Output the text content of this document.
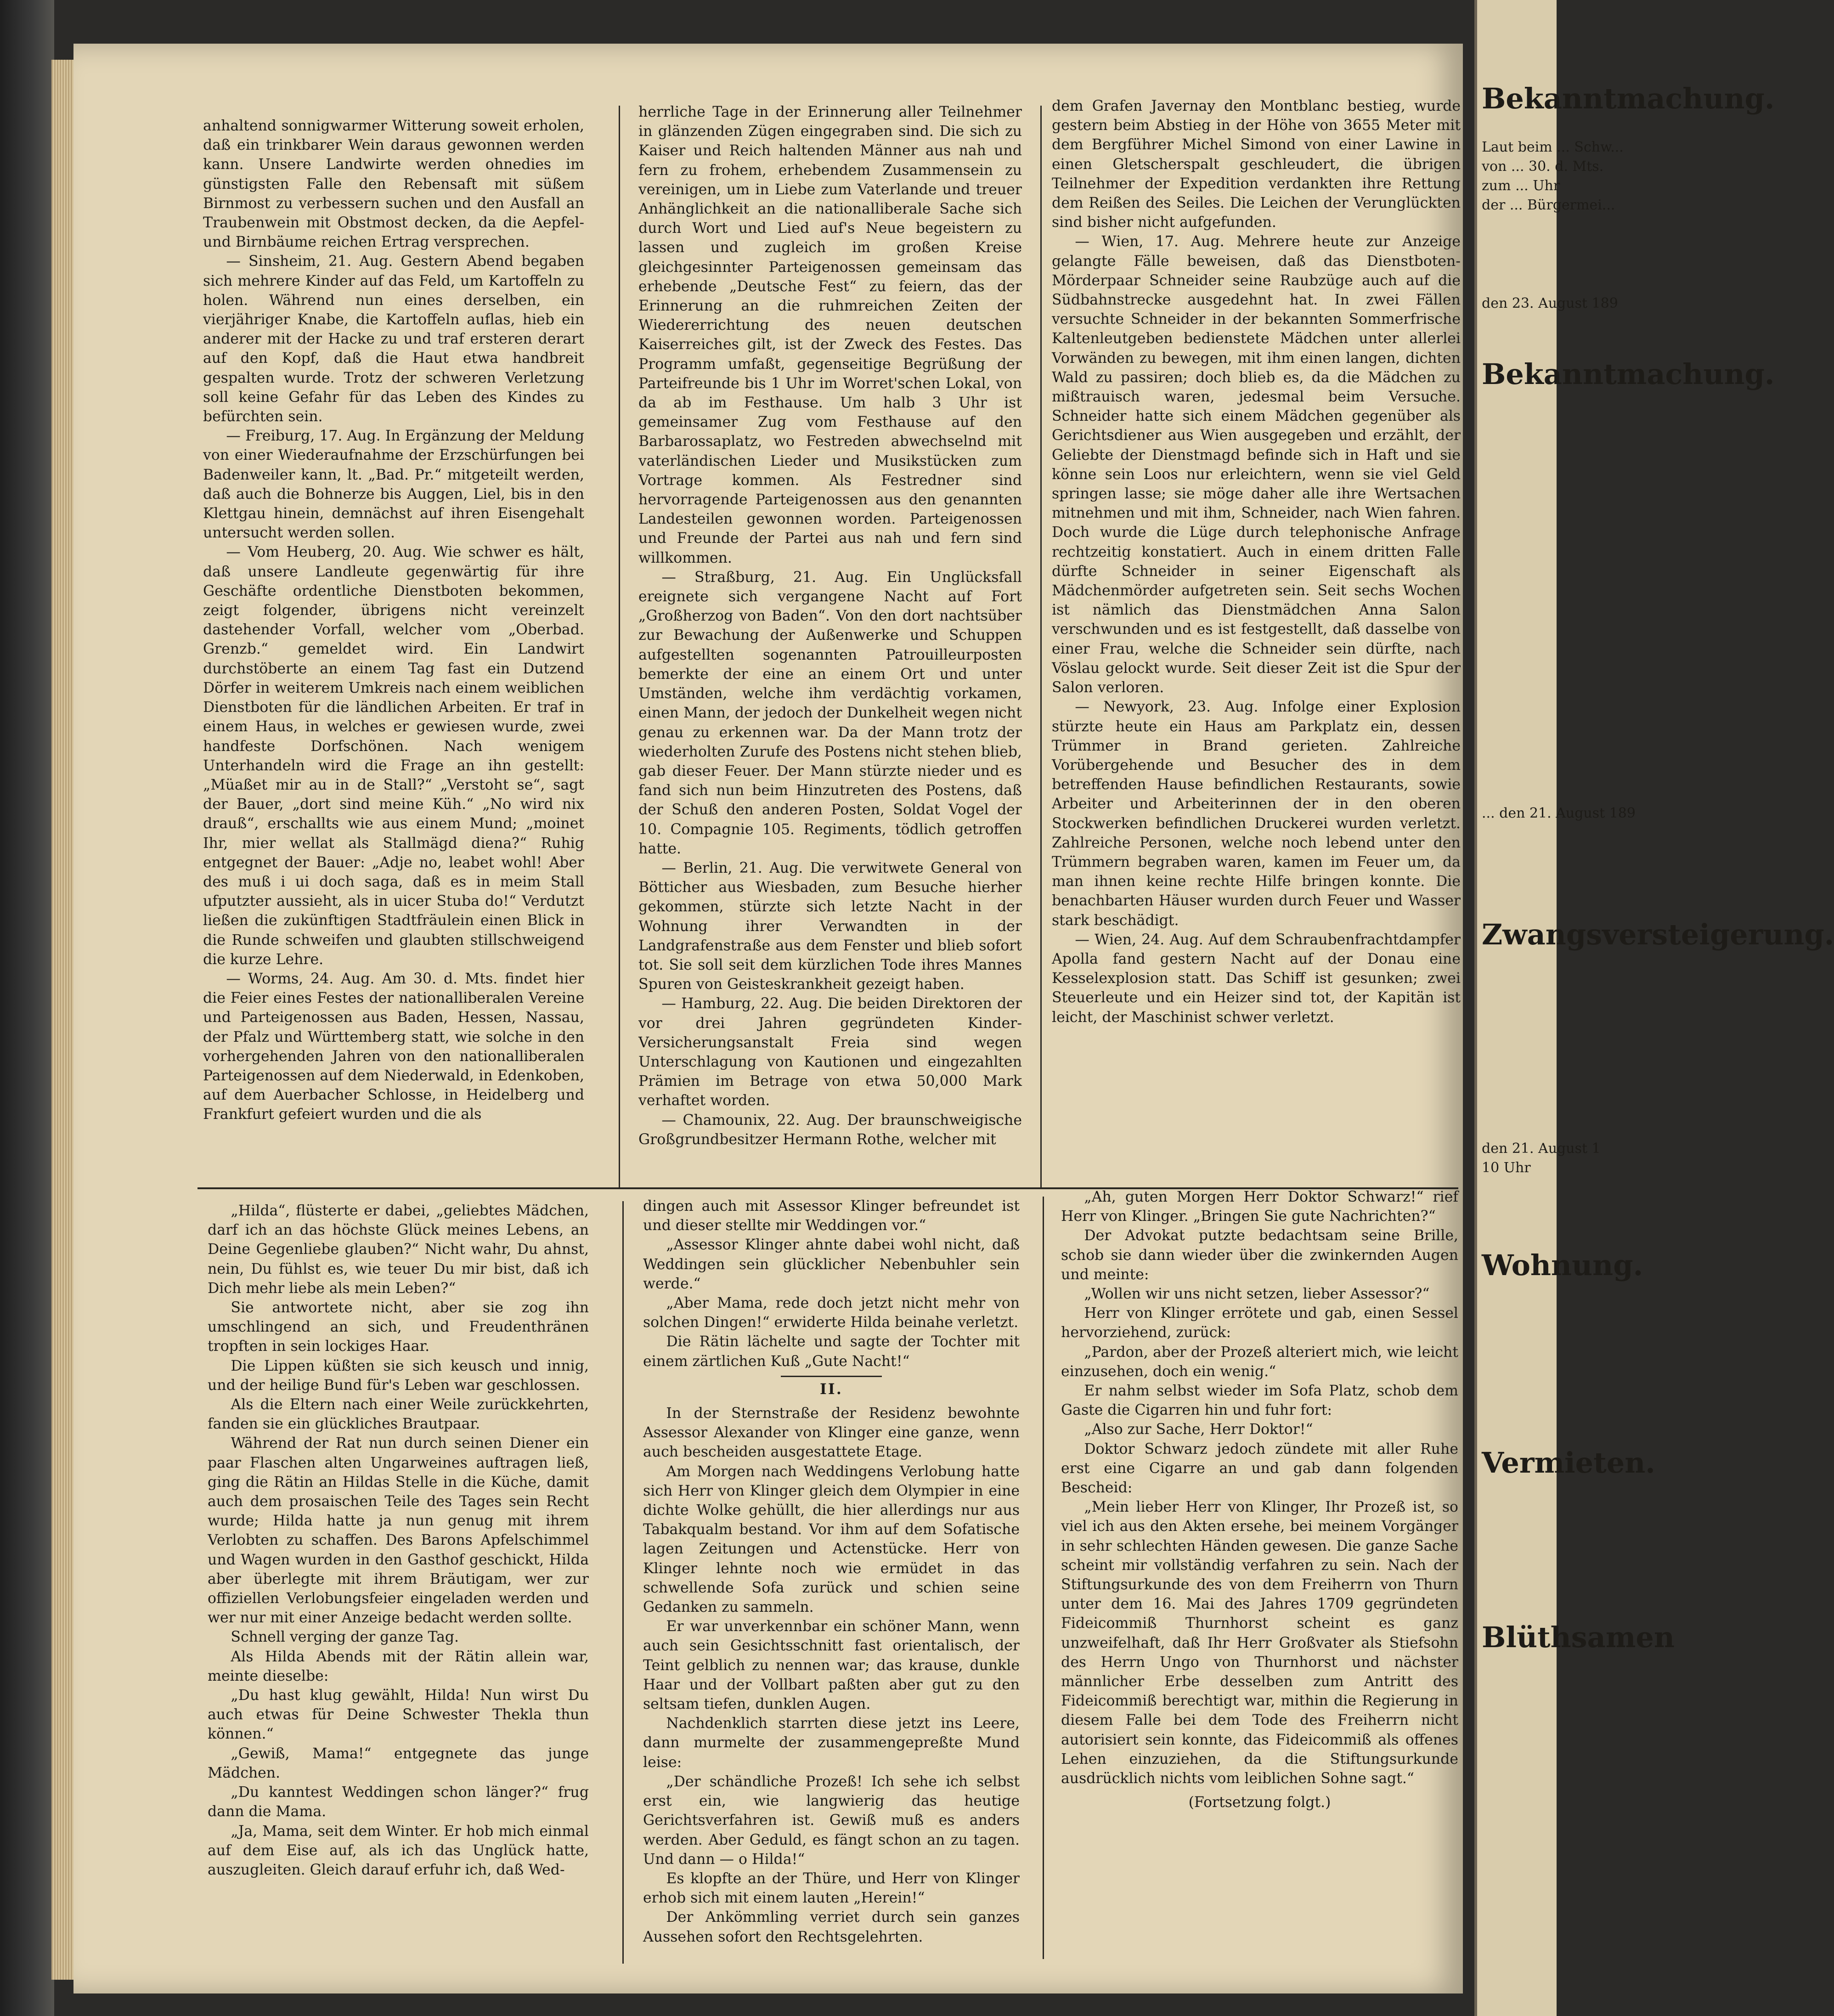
anhaltend sonnigwarmer Witterung soweit erholen, daß ein trinkbarer Wein daraus gewonnen werden kann. Unsere Landwirte werden ohnedies im günstigsten Falle den Rebensaft mit süßem Birnmost zu verbessern suchen und den Ausfall an Traubenwein mit Obstmost decken, da die Aepfel- und Birnbäume reichen Ertrag versprechen.

— Sinsheim, 21. Aug. Gestern Abend begaben sich mehrere Kinder auf das Feld, um Kartoffeln zu holen. Während nun eines derselben, ein vierjähriger Knabe, die Kartoffeln auflas, hieb ein anderer mit der Hacke zu und traf ersteren derart auf den Kopf, daß die Haut etwa handbreit gespalten wurde. Trotz der schweren Verletzung soll keine Gefahr für das Leben des Kindes zu befürchten sein.

— Freiburg, 17. Aug. In Ergänzung der Meldung von einer Wiederaufnahme der Erzschürfungen bei Badenweiler kann, lt. „Bad. Pr.“ mitgeteilt werden, daß auch die Bohnerze bis Auggen, Liel, bis in den Klettgau hinein, demnächst auf ihren Eisengehalt untersucht werden sollen.

— Vom Heuberg, 20. Aug. Wie schwer es hält, daß unsere Landleute gegenwärtig für ihre Geschäfte ordentliche Dienstboten bekommen, zeigt folgender, übrigens nicht vereinzelt dastehender Vorfall, welcher vom „Oberbad. Grenzb.“ gemeldet wird. Ein Landwirt durchstöberte an einem Tag fast ein Dutzend Dörfer in weiterem Umkreis nach einem weiblichen Dienstboten für die ländlichen Arbeiten. Er traf in einem Haus, in welches er gewiesen wurde, zwei handfeste Dorfschönen. Nach wenigem Unterhandeln wird die Frage an ihn gestellt: „Müaßet mir au in de Stall?“ „Verstoht se“, sagt der Bauer, „dort sind meine Küh.“ „No wird nix drauß“, erschallts wie aus einem Mund; „moinet Ihr, mier wellat als Stallmägd diena?“ Ruhig entgegnet der Bauer: „Adje no, leabet wohl! Aber des muß i ui doch saga, daß es in meim Stall ufputzter aussieht, als in uicer Stuba do!“ Verdutzt ließen die zukünftigen Stadtfräulein einen Blick in die Runde schweifen und glaubten stillschweigend die kurze Lehre.

— Worms, 24. Aug. Am 30. d. Mts. findet hier die Feier eines Festes der nationalliberalen Vereine und Parteigenossen aus Baden, Hessen, Nassau, der Pfalz und Württemberg statt, wie solche in den vorhergehenden Jahren von den nationalliberalen Parteigenossen auf dem Niederwald, in Edenkoben, auf dem Auerbacher Schlosse, in Heidelberg und Frankfurt gefeiert wurden und die als

herrliche Tage in der Erinnerung aller Teilnehmer in glänzenden Zügen eingegraben sind. Die sich zu Kaiser und Reich haltenden Männer aus nah und fern zu frohem, erhebendem Zusammensein zu vereinigen, um in Liebe zum Vaterlande und treuer Anhänglichkeit an die nationalliberale Sache sich durch Wort und Lied auf's Neue begeistern zu lassen und zugleich im großen Kreise gleichgesinnter Parteigenossen gemeinsam das erhebende „Deutsche Fest“ zu feiern, das der Erinnerung an die ruhmreichen Zeiten der Wiedererrichtung des neuen deutschen Kaiserreiches gilt, ist der Zweck des Festes. Das Programm umfaßt, gegenseitige Begrüßung der Parteifreunde bis 1 Uhr im Worret'schen Lokal, von da ab im Festhause. Um halb 3 Uhr ist gemeinsamer Zug vom Festhause auf den Barbarossaplatz, wo Festreden abwechselnd mit vaterländischen Lieder und Musikstücken zum Vortrage kommen. Als Festredner sind hervorragende Parteigenossen aus den genannten Landesteilen gewonnen worden. Parteigenossen und Freunde der Partei aus nah und fern sind willkommen.

— Straßburg, 21. Aug. Ein Unglücksfall ereignete sich vergangene Nacht auf Fort „Großherzog von Baden“. Von den dort nachtsüber zur Bewachung der Außenwerke und Schuppen aufgestellten sogenannten Patrouilleurposten bemerkte der eine an einem Ort und unter Umständen, welche ihm verdächtig vorkamen, einen Mann, der jedoch der Dunkelheit wegen nicht genau zu erkennen war. Da der Mann trotz der wiederholten Zurufe des Postens nicht stehen blieb, gab dieser Feuer. Der Mann stürzte nieder und es fand sich nun beim Hinzutreten des Postens, daß der Schuß den anderen Posten, Soldat Vogel der 10. Compagnie 105. Regiments, tödlich getroffen hatte.

— Berlin, 21. Aug. Die verwitwete General von Bötticher aus Wiesbaden, zum Besuche hierher gekommen, stürzte sich letzte Nacht in der Wohnung ihrer Verwandten in der Landgrafenstraße aus dem Fenster und blieb sofort tot. Sie soll seit dem kürzlichen Tode ihres Mannes Spuren von Geisteskrankheit gezeigt haben.

— Hamburg, 22. Aug. Die beiden Direktoren der vor drei Jahren gegründeten Kinder-Versicherungsanstalt Freia sind wegen Unterschlagung von Kautionen und eingezahlten Prämien im Betrage von etwa 50,000 Mark verhaftet worden.

— Chamounix, 22. Aug. Der braunschweigische Großgrundbesitzer Hermann Rothe, welcher mit

dem Grafen Javernay den Montblanc bestieg, wurde gestern beim Abstieg in der Höhe von 3655 Meter mit dem Bergführer Michel Simond von einer Lawine in einen Gletscherspalt geschleudert, die übrigen Teilnehmer der Expedition verdankten ihre Rettung dem Reißen des Seiles. Die Leichen der Verunglückten sind bisher nicht aufgefunden.

— Wien, 17. Aug. Mehrere heute zur Anzeige gelangte Fälle beweisen, daß das Dienstboten-Mörderpaar Schneider seine Raubzüge auch auf die Südbahnstrecke ausgedehnt hat. In zwei Fällen versuchte Schneider in der bekannten Sommerfrische Kaltenleutgeben bedienstete Mädchen unter allerlei Vorwänden zu bewegen, mit ihm einen langen, dichten Wald zu passiren; doch blieb es, da die Mädchen zu mißtrauisch waren, jedesmal beim Versuche. Schneider hatte sich einem Mädchen gegenüber als Gerichtsdiener aus Wien ausgegeben und erzählt, der Geliebte der Dienstmagd befinde sich in Haft und sie könne sein Loos nur erleichtern, wenn sie viel Geld springen lasse; sie möge daher alle ihre Wertsachen mitnehmen und mit ihm, Schneider, nach Wien fahren. Doch wurde die Lüge durch telephonische Anfrage rechtzeitig konstatiert. Auch in einem dritten Falle dürfte Schneider in seiner Eigenschaft als Mädchenmörder aufgetreten sein. Seit sechs Wochen ist nämlich das Dienstmädchen Anna Salon verschwunden und es ist festgestellt, daß dasselbe von einer Frau, welche die Schneider sein dürfte, nach Vöslau gelockt wurde. Seit dieser Zeit ist die Spur der Salon verloren.

— Newyork, 23. Aug. Infolge einer Explosion stürzte heute ein Haus am Parkplatz ein, dessen Trümmer in Brand gerieten. Zahlreiche Vorübergehende und Besucher des in dem betreffenden Hause befindlichen Restaurants, sowie Arbeiter und Arbeiterinnen der in den oberen Stockwerken befindlichen Druckerei wurden verletzt. Zahlreiche Personen, welche noch lebend unter den Trümmern begraben waren, kamen im Feuer um, da man ihnen keine rechte Hilfe bringen konnte. Die benachbarten Häuser wurden durch Feuer und Wasser stark beschädigt.

— Wien, 24. Aug. Auf dem Schraubenfrachtdampfer Apolla fand gestern Nacht auf der Donau eine Kesselexplosion statt. Das Schiff ist gesunken; zwei Steuerleute und ein Heizer sind tot, der Kapitän ist leicht, der Maschinist schwer verletzt.

„Hilda“, flüsterte er dabei, „geliebtes Mädchen, darf ich an das höchste Glück meines Lebens, an Deine Gegenliebe glauben?“ Nicht wahr, Du ahnst, nein, Du fühlst es, wie teuer Du mir bist, daß ich Dich mehr liebe als mein Leben?“

Sie antwortete nicht, aber sie zog ihn umschlingend an sich, und Freudenthränen tropften in sein lockiges Haar.

Die Lippen küßten sie sich keusch und innig, und der heilige Bund für's Leben war geschlossen.

Als die Eltern nach einer Weile zurückkehrten, fanden sie ein glückliches Brautpaar.

Während der Rat nun durch seinen Diener ein paar Flaschen alten Ungarweines auftragen ließ, ging die Rätin an Hildas Stelle in die Küche, damit auch dem prosaischen Teile des Tages sein Recht wurde; Hilda hatte ja nun genug mit ihrem Verlobten zu schaffen. Des Barons Apfelschimmel und Wagen wurden in den Gasthof geschickt, Hilda aber überlegte mit ihrem Bräutigam, wer zur offiziellen Verlobungsfeier eingeladen werden und wer nur mit einer Anzeige bedacht werden sollte.

Schnell verging der ganze Tag.

Als Hilda Abends mit der Rätin allein war, meinte dieselbe:

„Du hast klug gewählt, Hilda! Nun wirst Du auch etwas für Deine Schwester Thekla thun können.“

„Gewiß, Mama!“ entgegnete das junge Mädchen.

„Du kanntest Weddingen schon länger?“ frug dann die Mama.

„Ja, Mama, seit dem Winter. Er hob mich einmal auf dem Eise auf, als ich das Unglück hatte, auszugleiten. Gleich darauf erfuhr ich, daß Wed-

dingen auch mit Assessor Klinger befreundet ist und dieser stellte mir Weddingen vor.“

„Assessor Klinger ahnte dabei wohl nicht, daß Weddingen sein glücklicher Nebenbuhler sein werde.“

„Aber Mama, rede doch jetzt nicht mehr von solchen Dingen!“ erwiderte Hilda beinahe verletzt.

Die Rätin lächelte und sagte der Tochter mit einem zärtlichen Kuß „Gute Nacht!“

II.

In der Sternstraße der Residenz bewohnte Assessor Alexander von Klinger eine ganze, wenn auch bescheiden ausgestattete Etage.

Am Morgen nach Weddingens Verlobung hatte sich Herr von Klinger gleich dem Olympier in eine dichte Wolke gehüllt, die hier allerdings nur aus Tabakqualm bestand. Vor ihm auf dem Sofatische lagen Zeitungen und Actenstücke. Herr von Klinger lehnte noch wie ermüdet in das schwellende Sofa zurück und schien seine Gedanken zu sammeln.

Er war unverkennbar ein schöner Mann, wenn auch sein Gesichtsschnitt fast orientalisch, der Teint gelblich zu nennen war; das krause, dunkle Haar und der Vollbart paßten aber gut zu den seltsam tiefen, dunklen Augen.

Nachdenklich starrten diese jetzt ins Leere, dann murmelte der zusammengepreßte Mund leise:

„Der schändliche Prozeß! Ich sehe ich selbst erst ein, wie langwierig das heutige Gerichtsverfahren ist. Gewiß muß es anders werden. Aber Geduld, es fängt schon an zu tagen. Und dann — o Hilda!“

Es klopfte an der Thüre, und Herr von Klinger erhob sich mit einem lauten „Herein!“

Der Ankömmling verriet durch sein ganzes Aussehen sofort den Rechtsgelehrten.

„Ah, guten Morgen Herr Doktor Schwarz!“ rief Herr von Klinger. „Bringen Sie gute Nachrichten?“

Der Advokat putzte bedachtsam seine Brille, schob sie dann wieder über die zwinkernden Augen und meinte:

„Wollen wir uns nicht setzen, lieber Assessor?“

Herr von Klinger errötete und gab, einen Sessel hervorziehend, zurück:

„Pardon, aber der Prozeß alteriert mich, wie leicht einzusehen, doch ein wenig.“

Er nahm selbst wieder im Sofa Platz, schob dem Gaste die Cigarren hin und fuhr fort:

„Also zur Sache, Herr Doktor!“

Doktor Schwarz jedoch zündete mit aller Ruhe erst eine Cigarre an und gab dann folgenden Bescheid:

„Mein lieber Herr von Klinger, Ihr Prozeß ist, so viel ich aus den Akten ersehe, bei meinem Vorgänger in sehr schlechten Händen gewesen. Die ganze Sache scheint mir vollständig verfahren zu sein. Nach der Stiftungsurkunde des von dem Freiherrn von Thurn unter dem 16. Mai des Jahres 1709 gegründeten Fideicommiß Thurnhorst scheint es ganz unzweifelhaft, daß Ihr Herr Großvater als Stiefsohn des Herrn Ungo von Thurnhorst und nächster männlicher Erbe desselben zum Antritt des Fideicommiß berechtigt war, mithin die Regierung in diesem Falle bei dem Tode des Freiherrn nicht autorisiert sein konnte, das Fideicommiß als offenes Lehen einzuziehen, da die Stiftungsurkunde ausdrücklich nichts vom leiblichen Sohne sagt.“

(Fortsetzung folgt.)

Bekanntmachung.
Laut beim ... Schw...
von ... 30. d. Mts.
zum ... Uhr
der ... Bürgermei...
den 23. August 189
Bekanntmachung.
... den 21. August 189
Zwangsversteigerung.
den 21. August 1
10 Uhr
Wohnung.
Vermieten.
Blüthsamen
